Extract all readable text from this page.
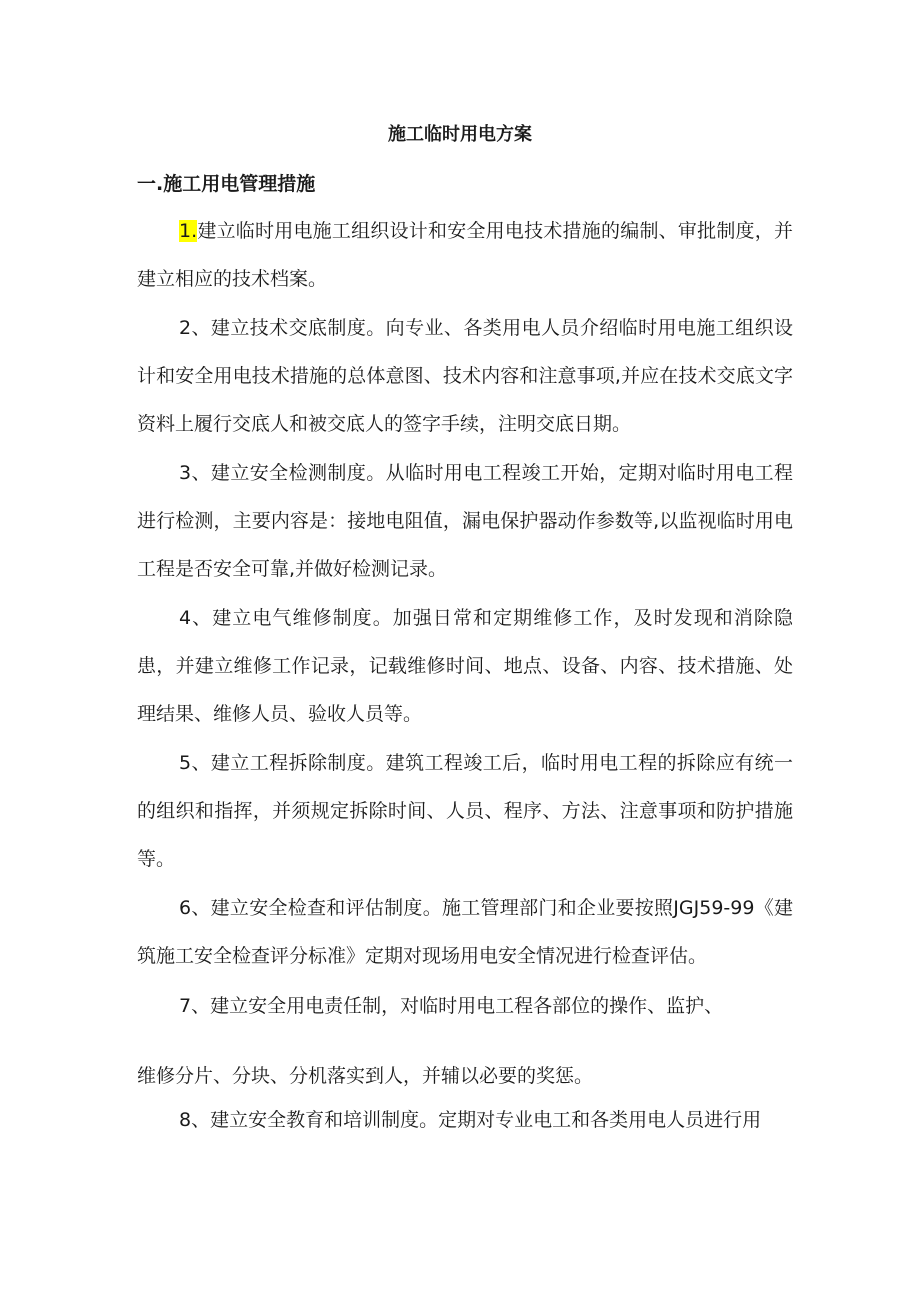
施工临时用电方案
一.施工用电管理措施

1.建立临时用电施工组织设计和安全用电技术措施的编制、审批制度，并建立相应的技术档案。

2、建立技术交底制度。向专业、各类用电人员介绍临时用电施工组织设计和安全用电技术措施的总体意图、技术内容和注意事项,并应在技术交底文字资料上履行交底人和被交底人的签字手续，注明交底日期。

3、建立安全检测制度。从临时用电工程竣工开始，定期对临时用电工程进行检测，主要内容是：接地电阻值，漏电保护器动作参数等,以监视临时用电工程是否安全可靠,并做好检测记录。

4、建立电气维修制度。加强日常和定期维修工作，及时发现和消除隐患，并建立维修工作记录，记载维修时间、地点、设备、内容、技术措施、处理结果、维修人员、验收人员等。

5、建立工程拆除制度。建筑工程竣工后，临时用电工程的拆除应有统一的组织和指挥，并须规定拆除时间、人员、程序、方法、注意事项和防护措施等。

6、建立安全检查和评估制度。施工管理部门和企业要按照JGJ59-99《建筑施工安全检查评分标准》定期对现场用电安全情况进行检查评估。

7、建立安全用电责任制，对临时用电工程各部位的操作、监护、

维修分片、分块、分机落实到人，并辅以必要的奖惩。

8、建立安全教育和培训制度。定期对专业电工和各类用电人员进行用
